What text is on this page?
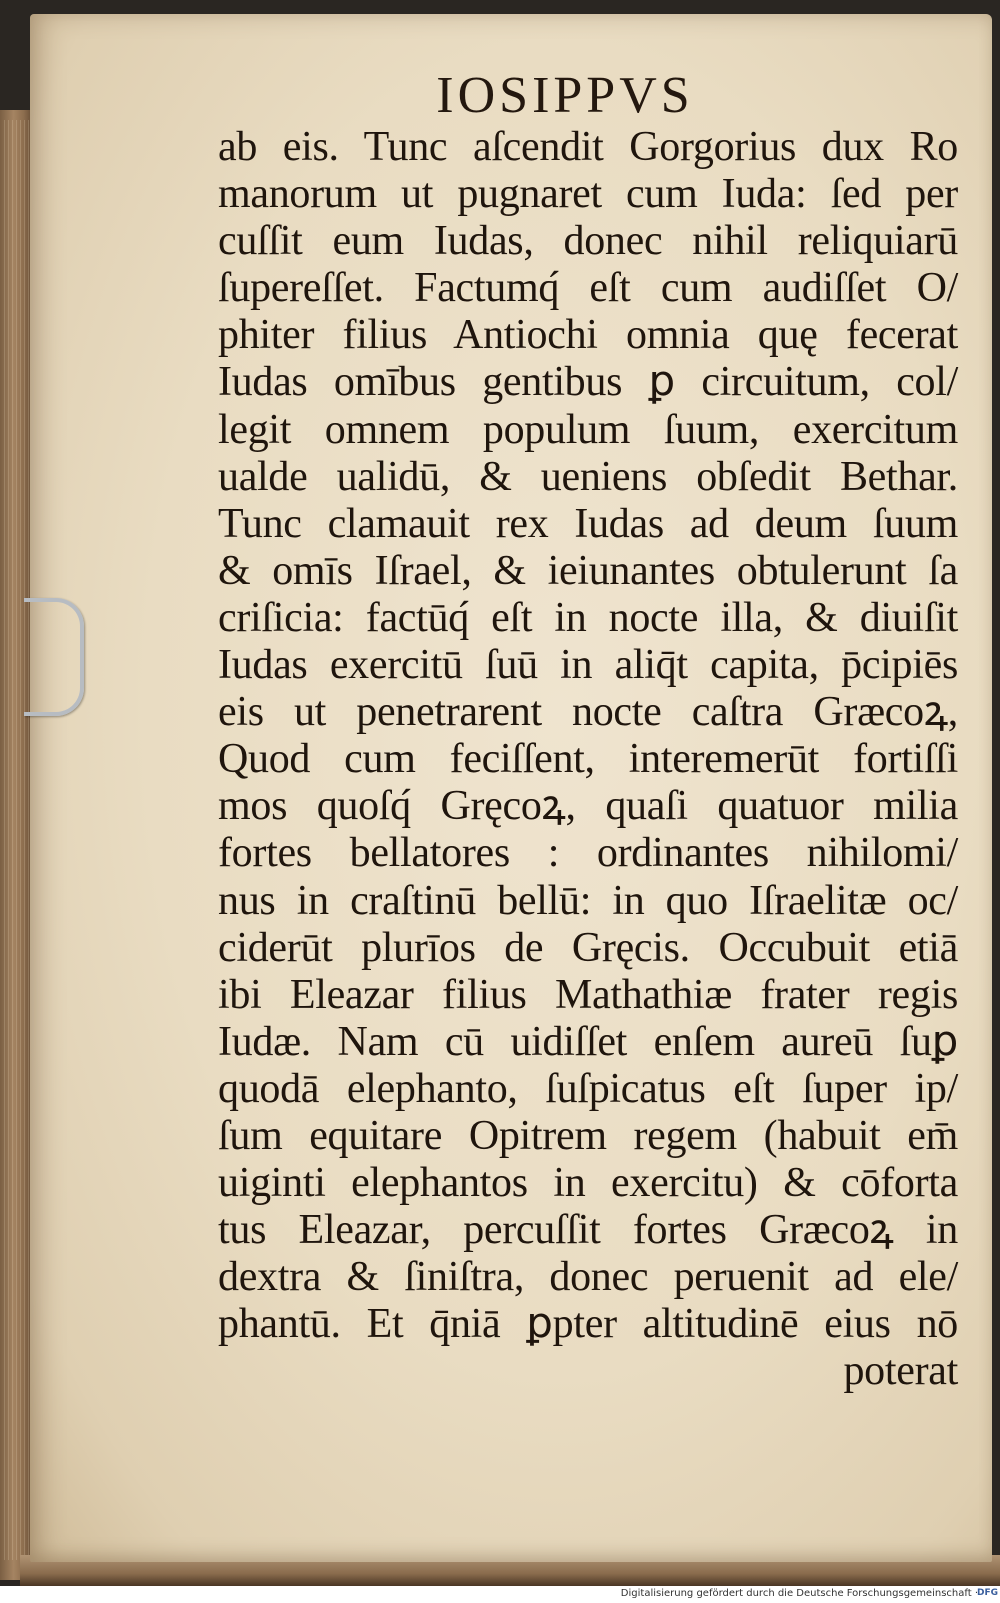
IOSIPPVS
ab eis. Tunc aſcendit Gorgorius dux Ro
manorum ut pugnaret cum Iuda: ſed per
cuſſit eum Iudas, donec nihil reliquiarū
ſupereſſet. Factumq́ eſt cum audiſſet O/
phiter filius Antiochi omnia quę fecerat
Iudas omībus gentibus ꝑ circuitum, col/
legit omnem populum ſuum, exercitum
ualde ualidū, & ueniens obſedit Bethar.
Tunc clamauit rex Iudas ad deum ſuum
& omīs Iſrael, & ieiunantes obtulerunt ſa
criſicia: factūq́ eſt in nocte illa, & diuiſit
Iudas exercitū ſuū in aliq̄t capita, p̄cipiēs
eis ut penetrarent nocte caſtra Græcoꝝ,
Quod cum feciſſent, interemerūt fortiſſi
mos quoſq́ Gręcoꝝ, quaſi quatuor milia
fortes bellatores : ordinantes nihilomi/
nus in craſtinū bellū: in quo Iſraelitæ oc/
ciderūt plurīos de Gręcis. Occubuit etiā
ibi Eleazar filius Mathathiæ frater regis
Iudæ. Nam cū uidiſſet enſem aureū ſuꝑ
quodā elephanto, ſuſpicatus eſt ſuper ip/
ſum equitare Opitrem regem (habuit em̄
uiginti elephantos in exercitu) & cōforta
tus Eleazar, percuſſit fortes Græcoꝝ in
dextra & ſiniſtra, donec peruenit ad ele/
phantū. Et q̄niā ꝑpter altitudinē eius nō
poterat
Digitalisierung gefördert durch die Deutsche Forschungsgemeinschaft ·
DFG
